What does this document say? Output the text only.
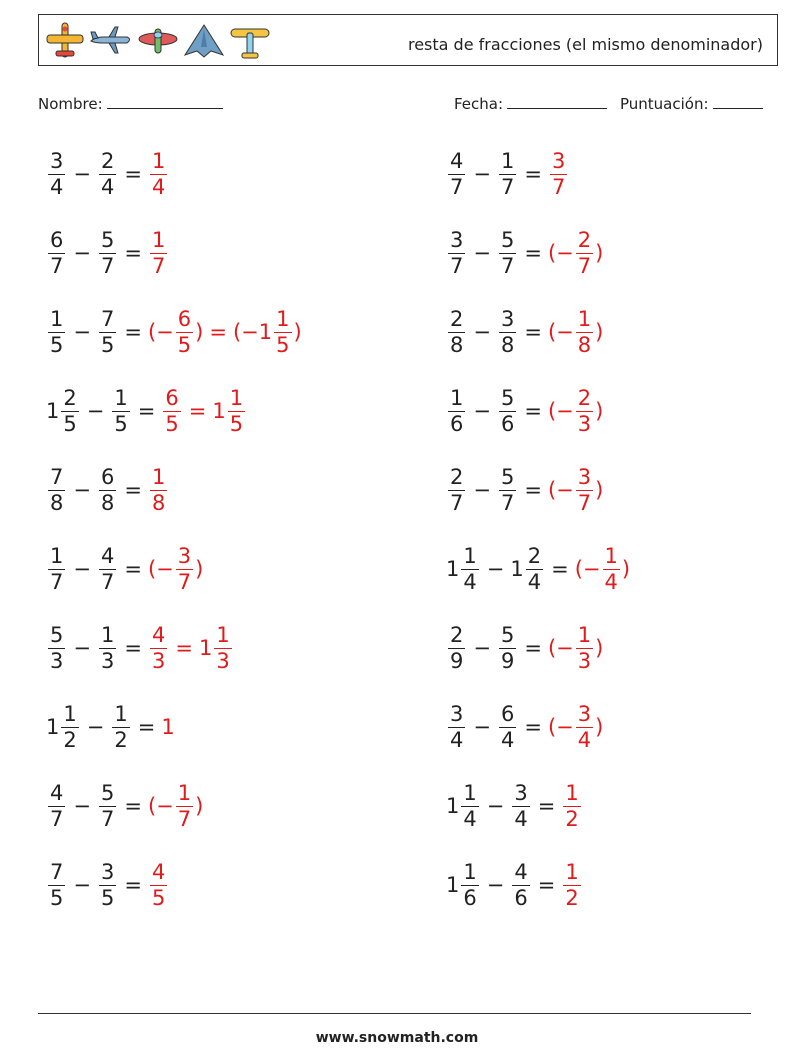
resta de fracciones (el mismo denominador)
Nombre:	Fecha:	Puntuación:
$\frac{3}{4} - \frac{2}{4} = \frac{1}{4}$	$\frac{4}{7} - \frac{1}{7} = \frac{3}{7}$
$\frac{6}{7} - \frac{5}{7} = \frac{1}{7}$	$\frac{3}{7} - \frac{5}{7}$ = (− $\frac{2}{7}$ )
$\frac{1}{5} - \frac{7}{5}$ = (− $\frac{6}{5}$ ) = (− $1 \frac{1}{5}$ )	$\frac{2}{8} - \frac{3}{8}$ = (− $\frac{1}{8}$ )
$1 \frac{2}{5} - \frac{1}{5} = \frac{6}{5} = 1 \frac{1}{5}$	$\frac{1}{6} - \frac{5}{6}$ = (− $\frac{2}{3}$ )
$\frac{7}{8} - \frac{6}{8} = \frac{1}{8}$	$\frac{2}{7} - \frac{5}{7}$ = (− $\frac{3}{7}$ )
$\frac{1}{7} - \frac{4}{7}$ = (− $\frac{3}{7}$ )	$1 \frac{1}{4} - 1 \frac{2}{4}$ = (− $\frac{1}{4}$ )
$\frac{5}{3} - \frac{1}{3} = \frac{4}{3} = 1 \frac{1}{3}$	$\frac{2}{9} - \frac{5}{9}$ = (− $\frac{1}{3}$ )
$1 \frac{1}{2} - \frac{1}{2} = 1$	$\frac{3}{4} - \frac{6}{4}$ = (− $\frac{3}{4}$ )
$\frac{4}{7} - \frac{5}{7}$ = (− $\frac{1}{7}$ )	$1 \frac{1}{4} - \frac{3}{4} = \frac{1}{2}$
$\frac{7}{5} - \frac{3}{5} = \frac{4}{5}$	$1 \frac{1}{6} - \frac{4}{6} = \frac{1}{2}$
www.snowmath.com
